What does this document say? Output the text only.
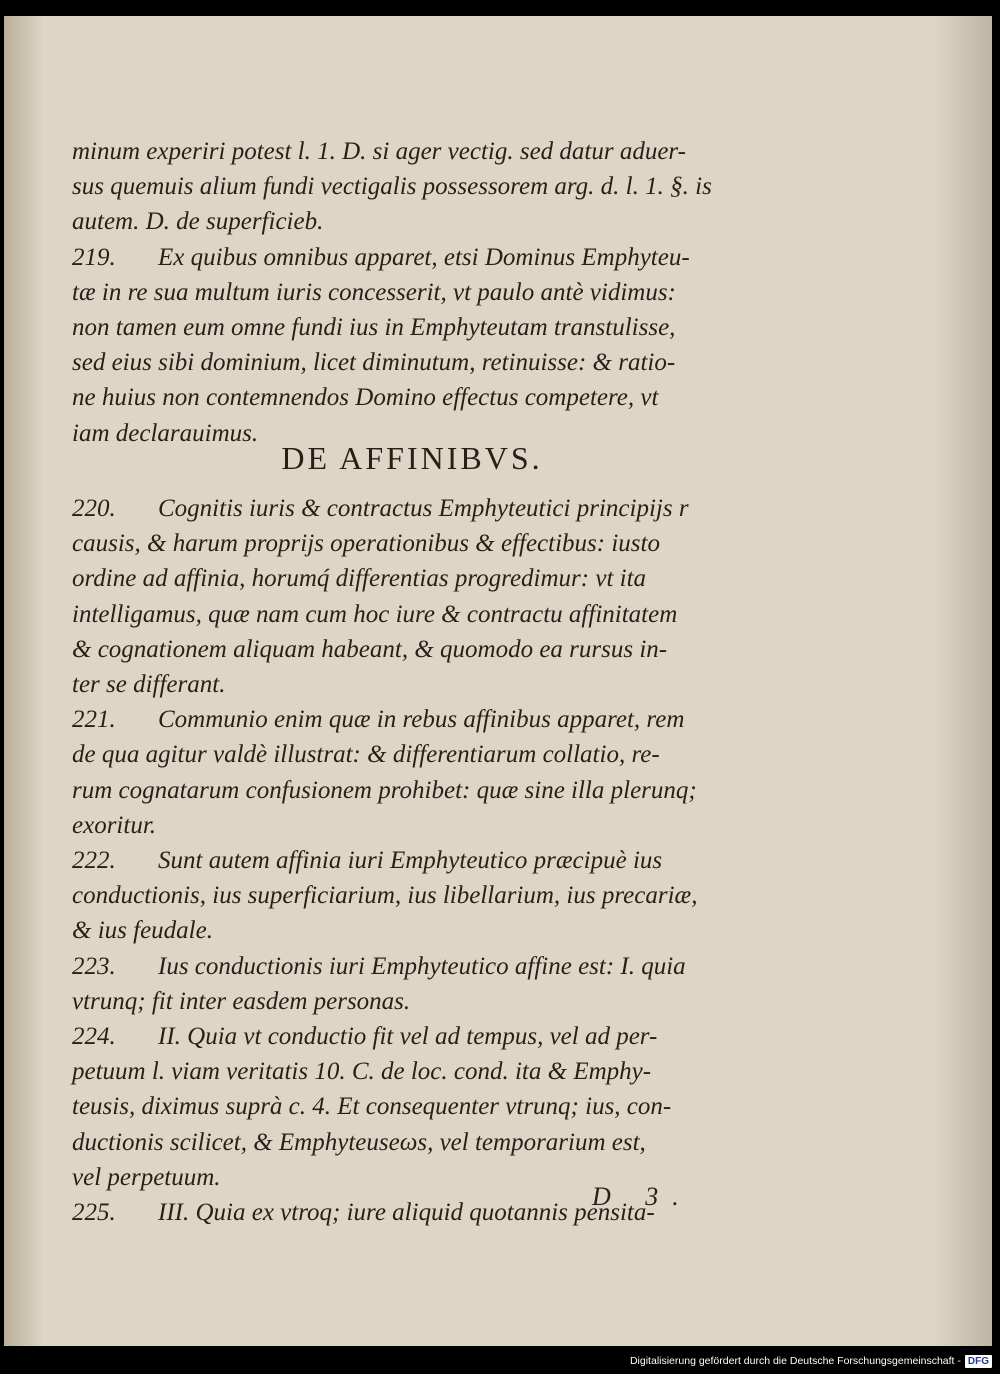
minum experiri potest l. 1. D. si ager vectig. sed datur aduer-

sus quemuis alium fundi vectigalis possessorem arg. d. l. 1. §. is

autem. D. de superficieb.

219. Ex quibus omnibus apparet, etsi Dominus Emphyteu-

tæ in re sua multum iuris concesserit, vt paulo antè vidimus:

non tamen eum omne fundi ius in Emphyteutam transtulisse,

sed eius sibi dominium, licet diminutum, retinuisse: & ratio-

ne huius non contemnendos Domino effectus competere, vt

iam declarauimus.

DE AFFINIBVS.

220. Cognitis iuris & contractus Emphyteutici principijs r

causis, & harum proprijs operationibus & effectibus: iusto

ordine ad affinia, horumq́ differentias progredimur: vt ita

intelligamus, quæ nam cum hoc iure & contractu affinitatem

& cognationem aliquam habeant, & quomodo ea rursus in-

ter se differant.

221. Communio enim quæ in rebus affinibus apparet, rem

de qua agitur valdè illustrat: & differentiarum collatio, re-

rum cognatarum confusionem prohibet: quæ sine illa plerunq;

exoritur.

222. Sunt autem affinia iuri Emphyteutico præcipuè ius

conductionis, ius superficiarium, ius libellarium, ius precariæ,

& ius feudale.

223. Ius conductionis iuri Emphyteutico affine est: I. quia

vtrunq; fit inter easdem personas.

224. II. Quia vt conductio fit vel ad tempus, vel ad per-

petuum l. viam veritatis 10. C. de loc. cond. ita & Emphy-

teusis, diximus suprà c. 4. Et consequenter vtrunq; ius, con-

ductionis scilicet, & Emphyteuseωs, vel temporarium est,

vel perpetuum.

225. III. Quia ex vtroq; iure aliquid quotannis pensita-

D 3.
Digitalisierung gefördert durch die Deutsche Forschungsgemeinschaft - DFG
